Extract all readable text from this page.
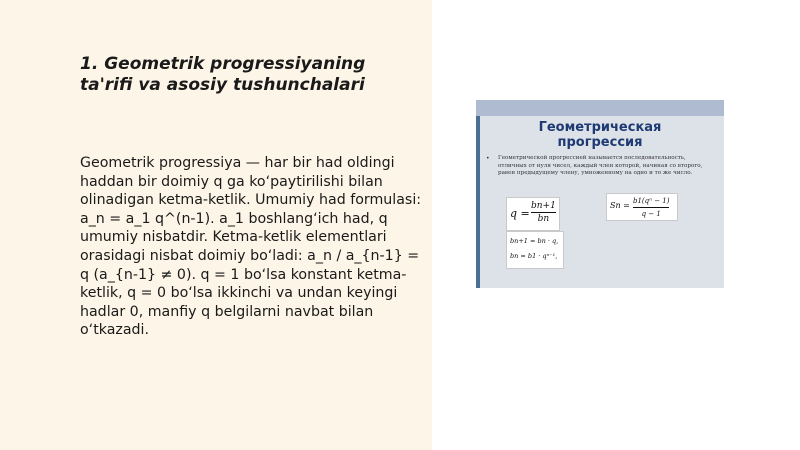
1. Geometrik progressiyaning ta'rifi va asosiy tushunchalari

Geometrik progressiya — har bir had oldingi haddan bir doimiy q ga ko‘paytirilishi bilan olinadigan ketma-ketlik. Umumiy had formulasi: a_n = a_1 q^(n-1). a_1 boshlang‘ich had, q umumiy nisbatdir. Ketma-ketlik elementlari orasidagi nisbat doimiy bo‘ladi: a_n / a_{n-1} = q (a_{n-1} ≠ 0). q = 1 bo‘lsa konstant ketma-ketlik, q = 0 bo‘lsa ikkinchi va undan keyingi hadlar 0, manfiy q belgilarni navbat bilan o‘tkazadi.

Геометрическая
прогрессия
• Геометрической прогрессией называется последовательность, отличных от нуля чисел, каждый член которой, начиная со второго, равен предыдущему члену, умноженному на одно и то же число.
q =
bn+1
bn
Sn = b1(qⁿ − 1)
q − 1
bn+1 = bn · q,
bn = b1 · qⁿ⁻¹,
